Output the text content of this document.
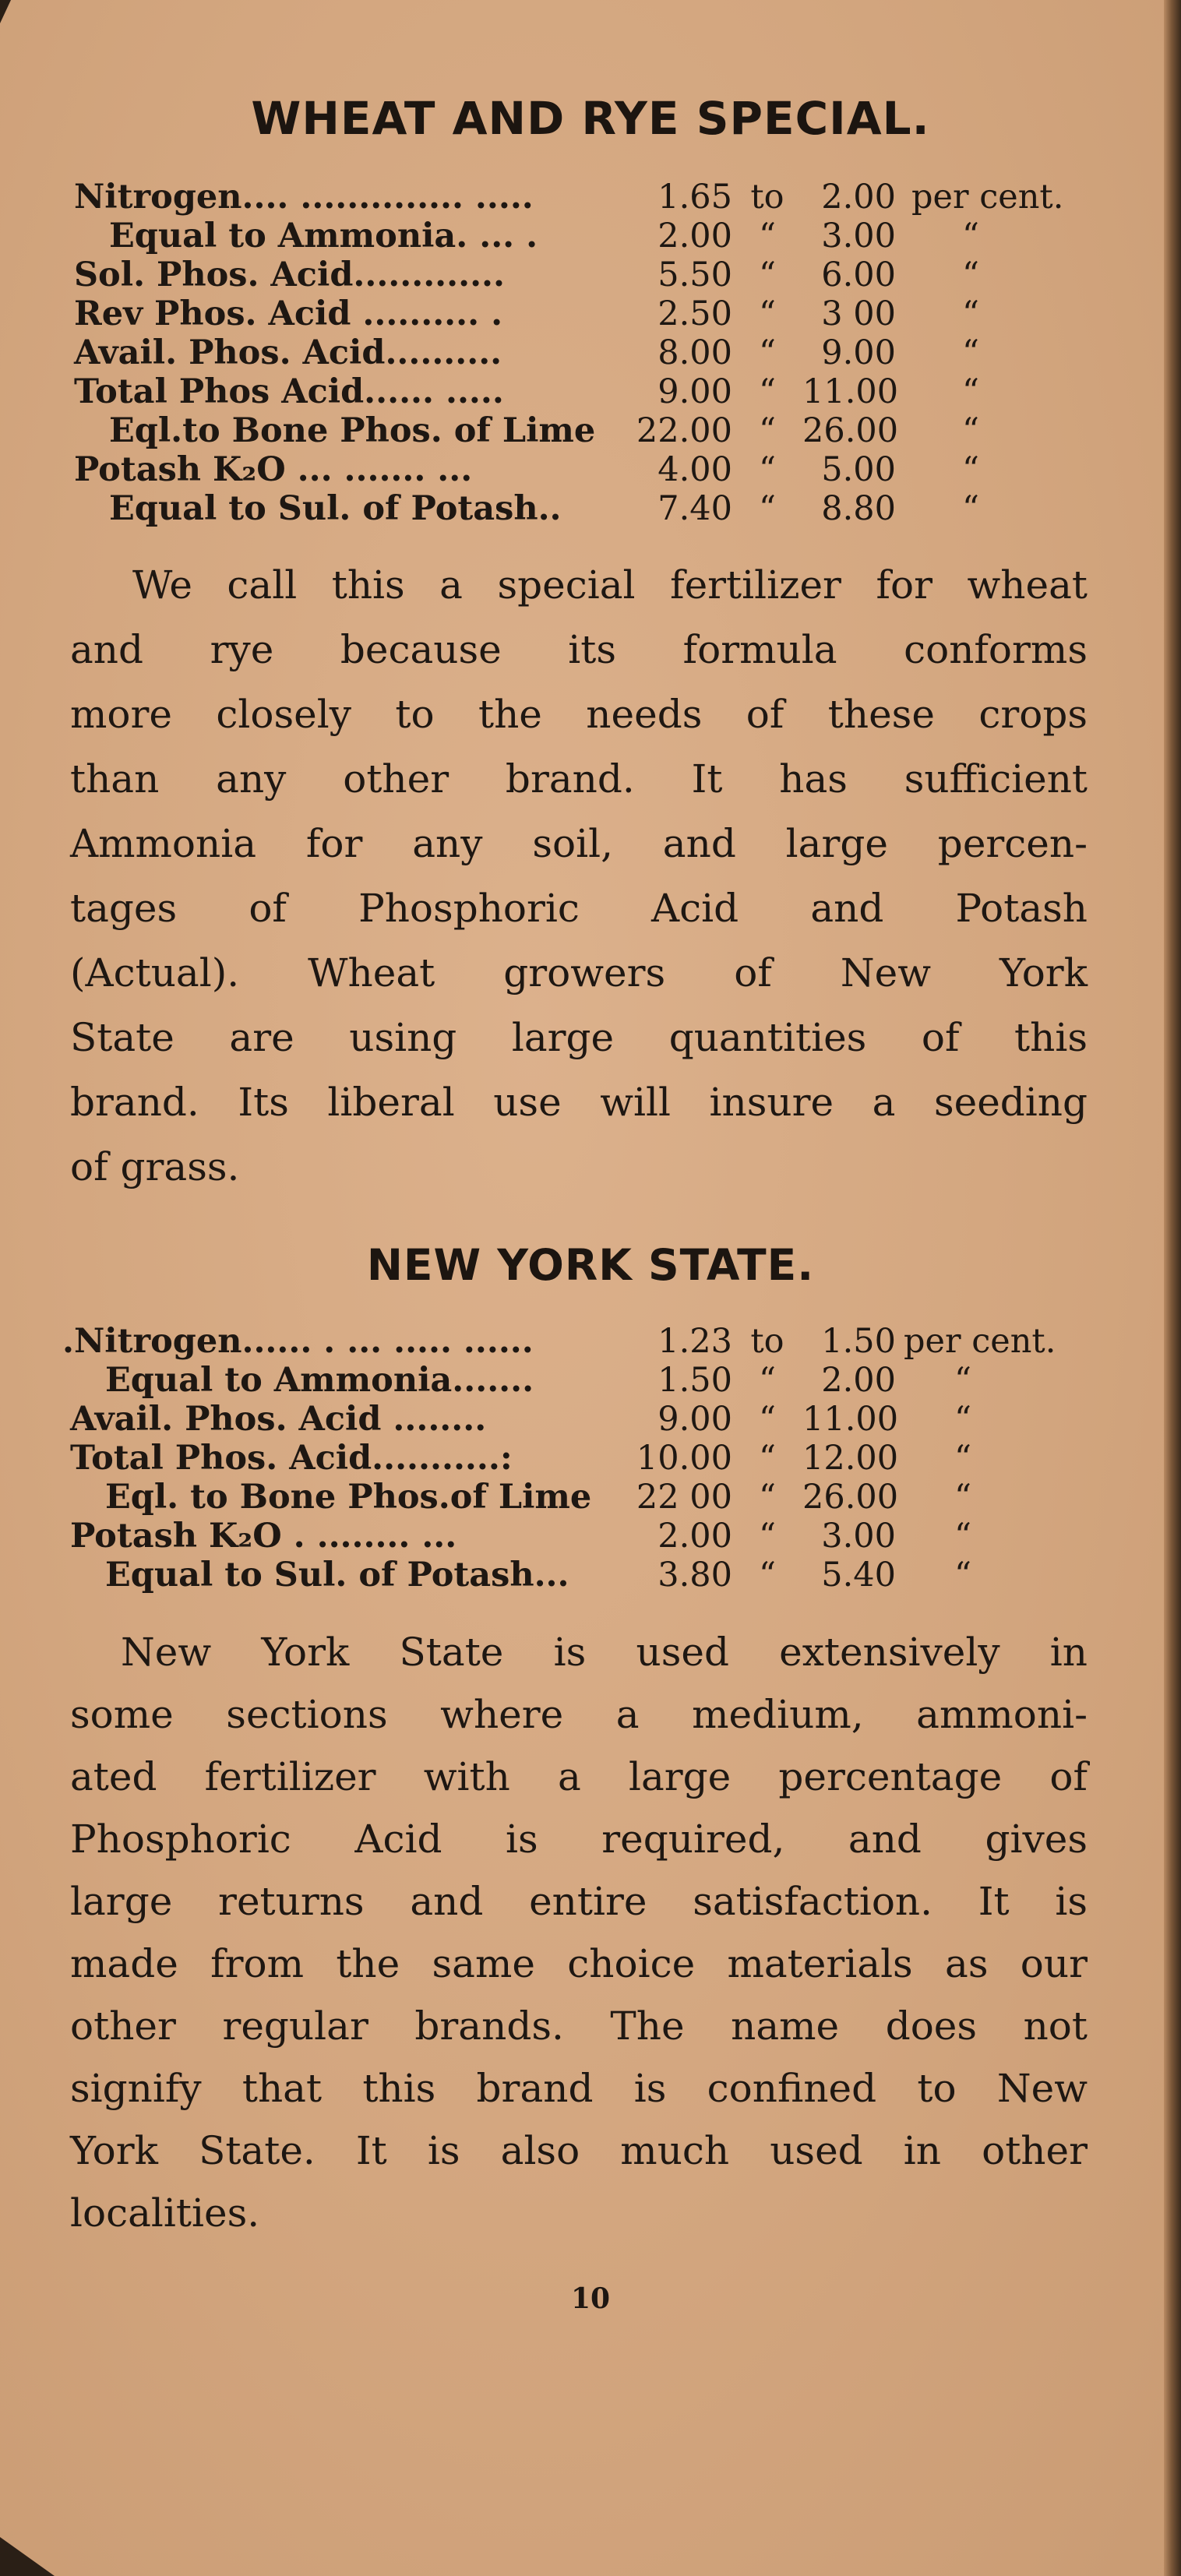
WHEAT AND RYE SPECIAL.
Nitrogen.... .............. .....	1.65 to	2.00 per cent.
Equal to Ammonia. ... .	2.00 “	3.00 “
Sol. Phos. Acid.............	5.50 “	6.00 “
Rev Phos. Acid .......... .	2.50 “	3 00 “
Avail. Phos. Acid..........	8.00 “	9.00 “
Total Phos Acid...... .....	9.00 “ 11.00 “
Eql.to Bone Phos. of Lime 22.00 “ 26.00 “
Potash K₂O ... ....... ...	4.00 “	5.00 “
Equal to Sul. of Potash..	7.40 “	8.80 “
We call this a special fertilizer for wheat
and rye because its formula conforms
more closely to the needs of these crops
than any other brand. It has sufficient
Ammonia for any soil, and large percen-
tages of Phosphoric Acid and Potash
(Actual). Wheat growers of New York
State are using large quantities of this
brand. Its liberal use will insure a seeding
of grass.
NEW YORK STATE.
.Nitrogen...... . ... ..... ......	1.23 to	1.50 per cent.
Equal to Ammonia.......	1.50 “	2.00 “
Avail. Phos. Acid ........	9.00 “ 11.00 “
Total Phos. Acid...........:	10.00 “ 12.00 “
Eql. to Bone Phos.of Lime 22 00 “ 26.00 “
Potash K₂O . ........ ...	2.00 “	3.00 “
Equal to Sul. of Potash...	3.80 “	5.40 “
New York State is used extensively in
some sections where a medium, ammoni-
ated fertilizer with a large percentage of
Phosphoric Acid is required, and gives
large returns and entire satisfaction. It is
made from the same choice materials as our
other regular brands. The name does not
signify that this brand is confined to New
York State. It is also much used in other
localities.
10
